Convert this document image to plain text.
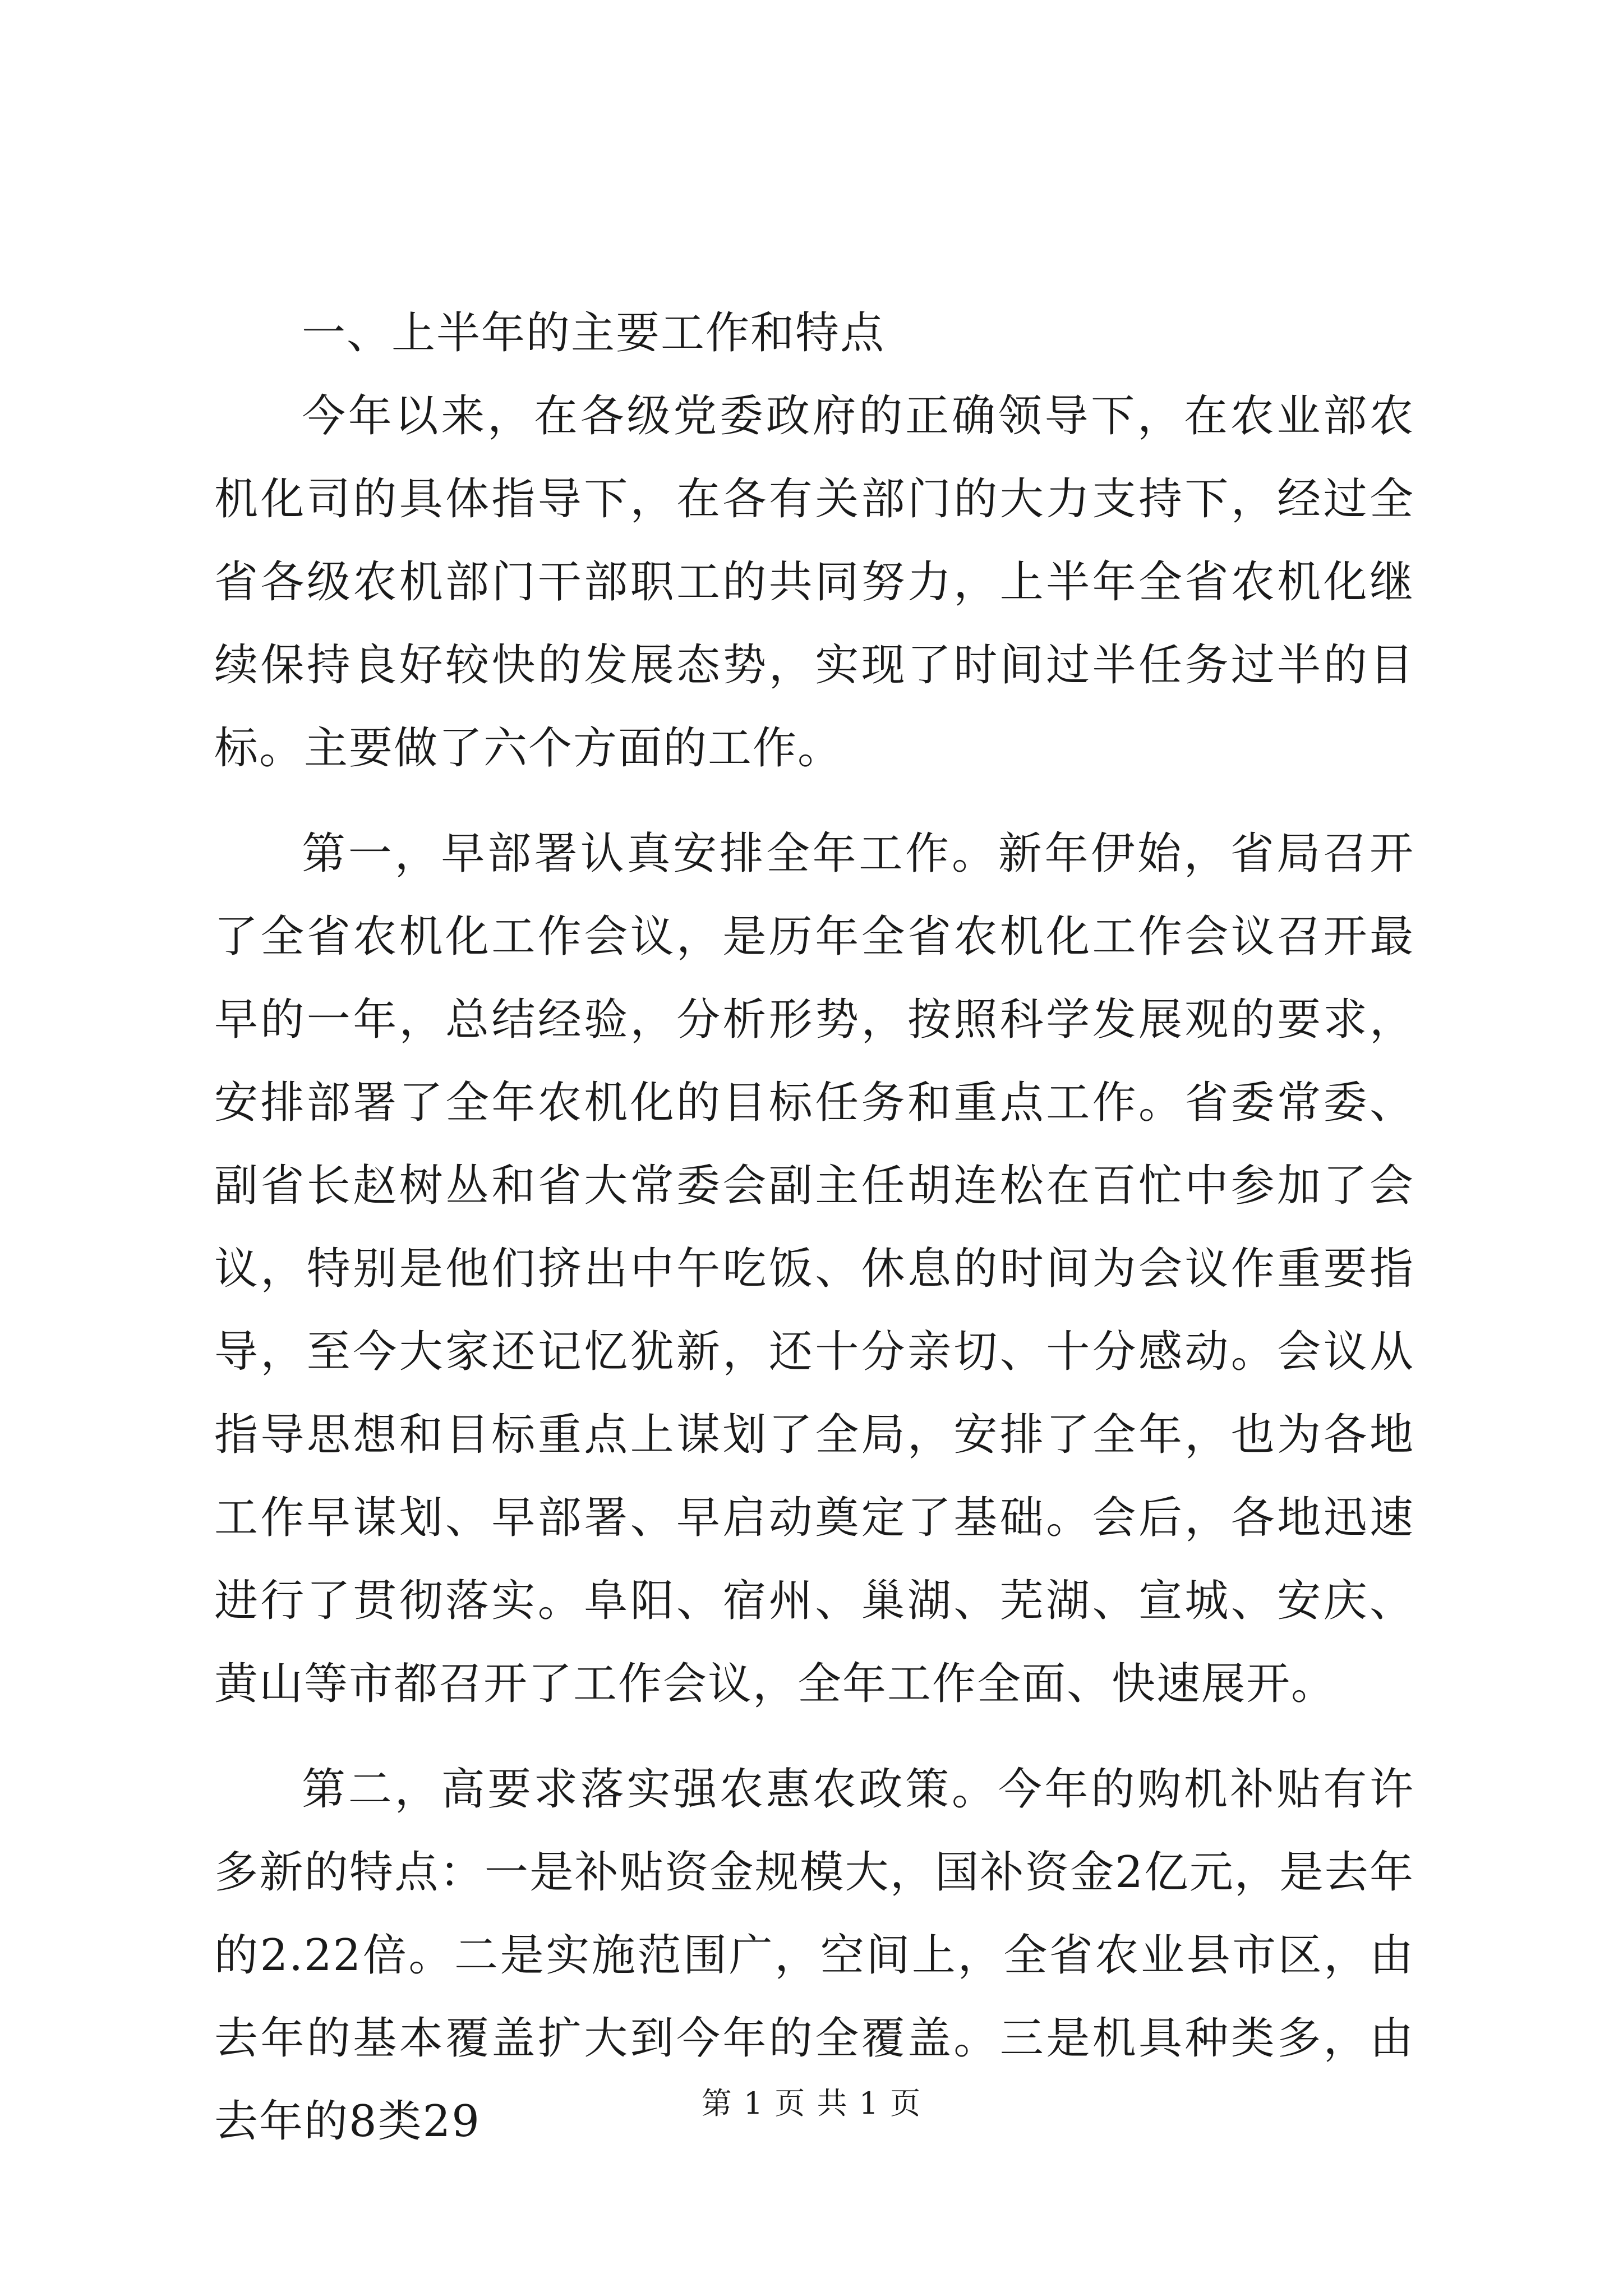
一、上半年的主要工作和特点

今年以来，在各级党委政府的正确领导下，在农业部农机化司的具体指导下，在各有关部门的大力支持下，经过全省各级农机部门干部职工的共同努力，上半年全省农机化继续保持良好较快的发展态势，实现了时间过半任务过半的目标。主要做了六个方面的工作。

第一，早部署认真安排全年工作。新年伊始，省局召开了全省农机化工作会议，是历年全省农机化工作会议召开最早的一年，总结经验，分析形势，按照科学发展观的要求，安排部署了全年农机化的目标任务和重点工作。省委常委、副省长赵树丛和省大常委会副主任胡连松在百忙中参加了会议，特别是他们挤出中午吃饭、休息的时间为会议作重要指导，至今大家还记忆犹新，还十分亲切、十分感动。会议从指导思想和目标重点上谋划了全局，安排了全年，也为各地工作早谋划、早部署、早启动奠定了基础。会后，各地迅速进行了贯彻落实。阜阳、宿州、巢湖、芜湖、宣城、安庆、黄山等市都召开了工作会议，全年工作全面、快速展开。

第二，高要求落实强农惠农政策。今年的购机补贴有许多新的特点：一是补贴资金规模大，国补资金2亿元，是去年的2.22倍。二是实施范围广，空间上，全省农业县市区，由去年的基本覆盖扩大到今年的全覆盖。三是机具种类多，由去年的8类29	第 1 页 共 1 页
